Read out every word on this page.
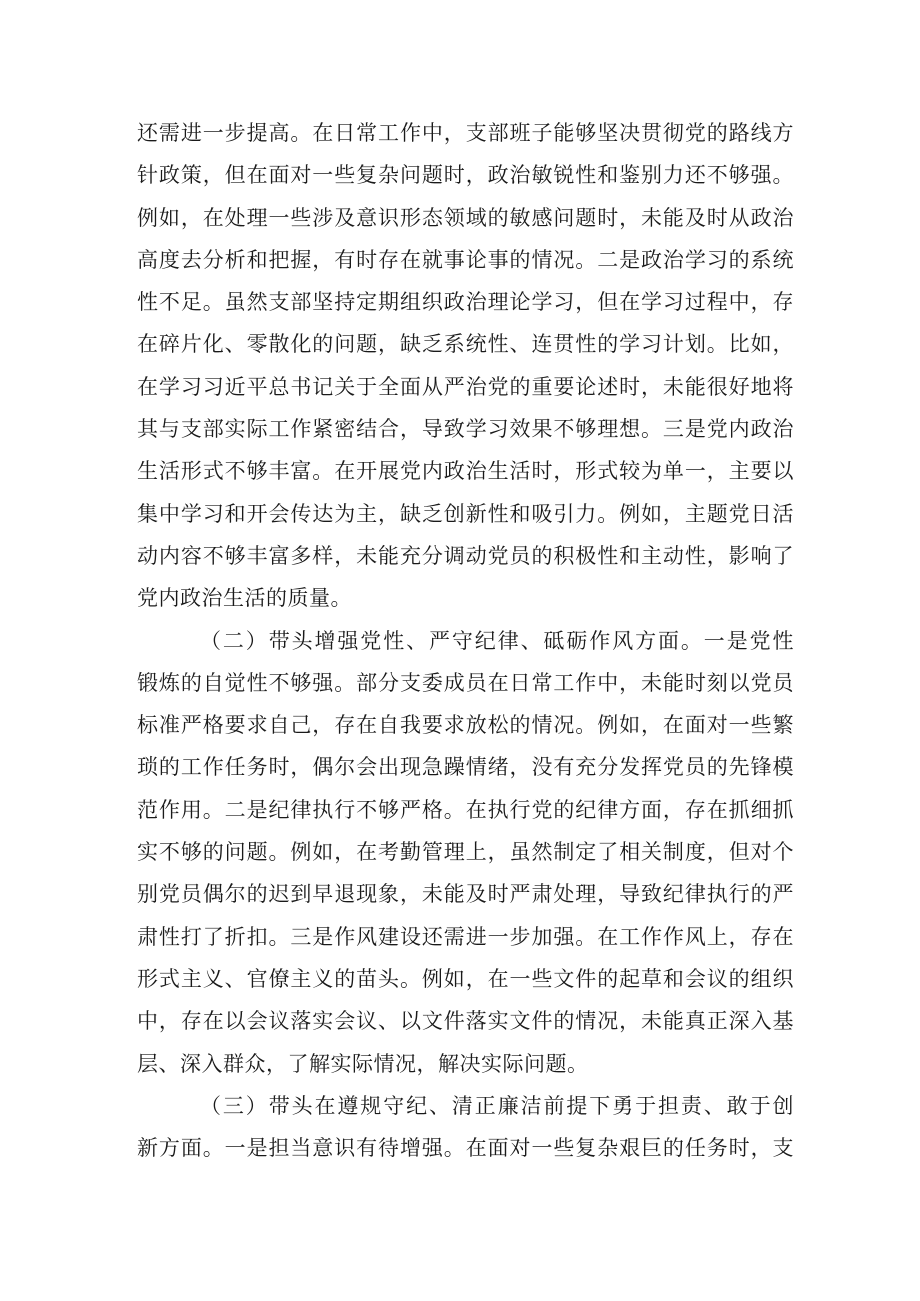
还需进一步提高。在日常工作中，支部班子能够坚决贯彻党的路线方
针政策，但在面对一些复杂问题时，政治敏锐性和鉴别力还不够强。
例如，在处理一些涉及意识形态领域的敏感问题时，未能及时从政治
高度去分析和把握，有时存在就事论事的情况。二是政治学习的系统
性不足。虽然支部坚持定期组织政治理论学习，但在学习过程中，存
在碎片化、零散化的问题，缺乏系统性、连贯性的学习计划。比如，
在学习习近平总书记关于全面从严治党的重要论述时，未能很好地将
其与支部实际工作紧密结合，导致学习效果不够理想。三是党内政治
生活形式不够丰富。在开展党内政治生活时，形式较为单一，主要以
集中学习和开会传达为主，缺乏创新性和吸引力。例如，主题党日活
动内容不够丰富多样，未能充分调动党员的积极性和主动性，影响了
党内政治生活的质量。
（二）带头增强党性、严守纪律、砥砺作风方面。一是党性
锻炼的自觉性不够强。部分支委成员在日常工作中，未能时刻以党员
标准严格要求自己，存在自我要求放松的情况。例如，在面对一些繁
琐的工作任务时，偶尔会出现急躁情绪，没有充分发挥党员的先锋模
范作用。二是纪律执行不够严格。在执行党的纪律方面，存在抓细抓
实不够的问题。例如，在考勤管理上，虽然制定了相关制度，但对个
别党员偶尔的迟到早退现象，未能及时严肃处理，导致纪律执行的严
肃性打了折扣。三是作风建设还需进一步加强。在工作作风上，存在
形式主义、官僚主义的苗头。例如，在一些文件的起草和会议的组织
中，存在以会议落实会议、以文件落实文件的情况，未能真正深入基
层、深入群众，了解实际情况，解决实际问题。
（三）带头在遵规守纪、清正廉洁前提下勇于担责、敢于创
新方面。一是担当意识有待增强。在面对一些复杂艰巨的任务时，支
